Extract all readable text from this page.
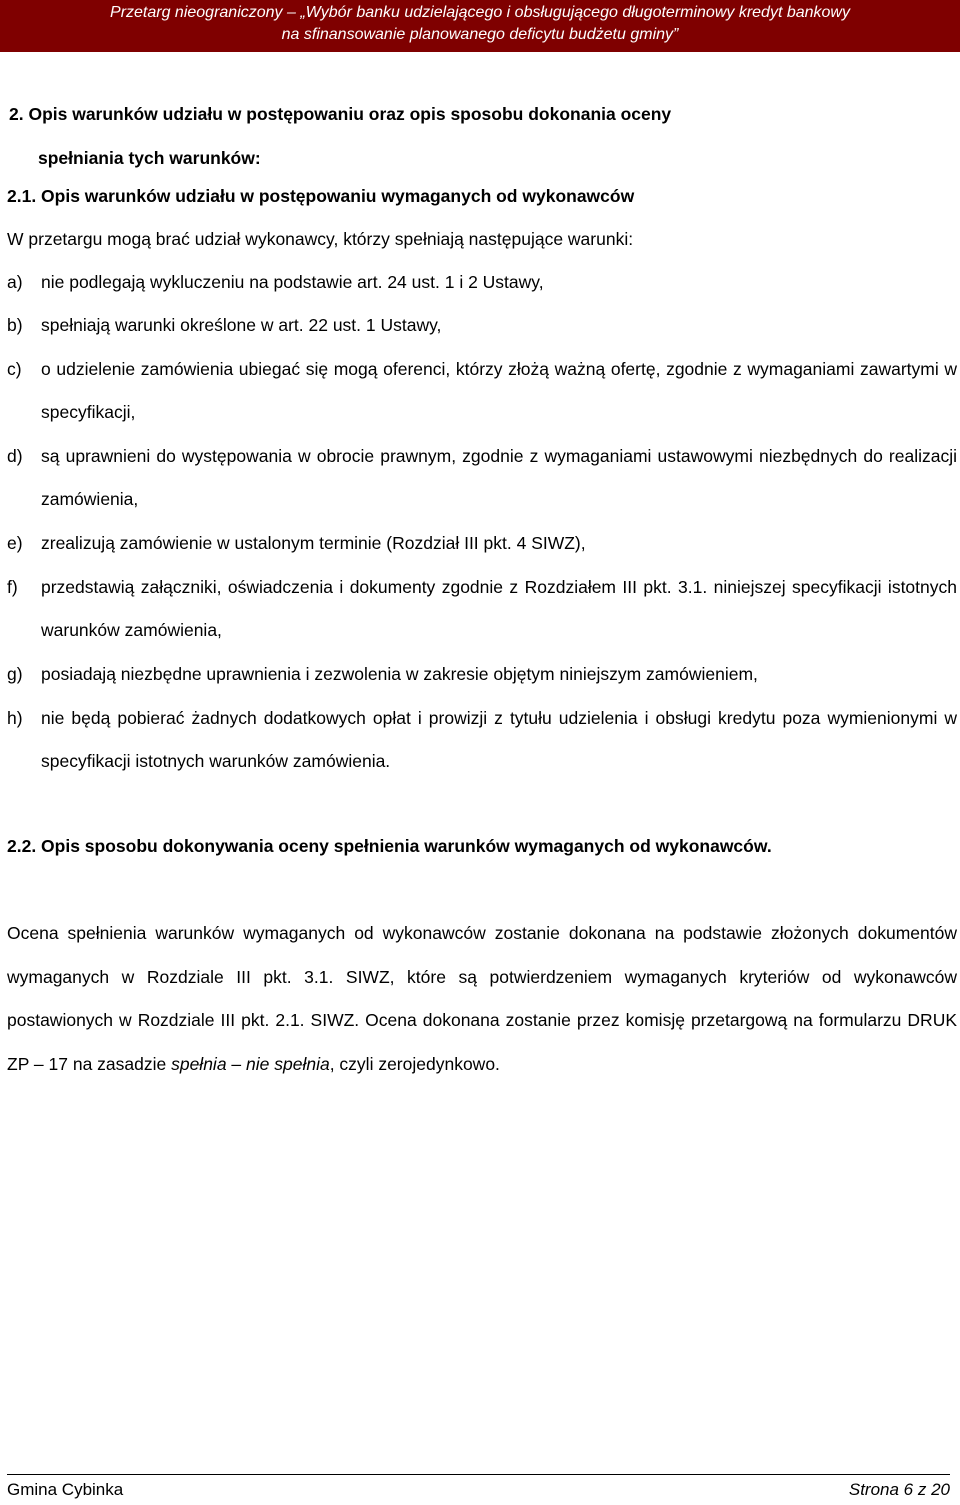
Przetarg nieograniczony – „Wybór banku udzielającego i obsługującego długoterminowy kredyt bankowy
na sfinansowanie planowanego deficytu budżetu gminy”
2. Opis warunków udziału w postępowaniu oraz opis sposobu dokonania oceny
spełniania tych warunków:
2.1. Opis warunków udziału w postępowaniu wymaganych od wykonawców
W przetargu mogą brać udział wykonawcy, którzy spełniają następujące warunki:
a)	nie podlegają wykluczeniu na podstawie art. 24 ust. 1 i 2 Ustawy,
b)	spełniają warunki określone w art. 22 ust. 1 Ustawy,
c)	o udzielenie zamówienia ubiegać się mogą oferenci, którzy złożą ważną ofertę, zgodnie z wymaganiami zawartymi w specyfikacji,
d)	są uprawnieni do występowania w obrocie prawnym, zgodnie z wymaganiami ustawowymi niezbędnych do realizacji zamówienia,
e)	zrealizują zamówienie w ustalonym terminie (Rozdział III pkt. 4 SIWZ),
f)	przedstawią załączniki, oświadczenia i dokumenty zgodnie z Rozdziałem III pkt. 3.1. niniejszej specyfikacji istotnych warunków zamówienia,
g)	posiadają niezbędne uprawnienia i zezwolenia w zakresie objętym niniejszym zamówieniem,
h)	nie będą pobierać żadnych dodatkowych opłat i prowizji z tytułu udzielenia i obsługi kredytu poza wymienionymi w specyfikacji istotnych warunków zamówienia.
2.2. Opis sposobu dokonywania oceny spełnienia warunków wymaganych od wykonawców.
Ocena spełnienia warunków wymaganych od wykonawców zostanie dokonana na podstawie złożonych dokumentów wymaganych w Rozdziale III pkt. 3.1. SIWZ, które są potwierdzeniem wymaganych kryteriów od wykonawców postawionych w Rozdziale III pkt. 2.1. SIWZ. Ocena dokonana zostanie przez komisję przetargową na formularzu DRUK ZP – 17 na zasadzie spełnia – nie spełnia, czyli zerojedynkowo.
Gmina Cybinka	Strona 6 z 20
